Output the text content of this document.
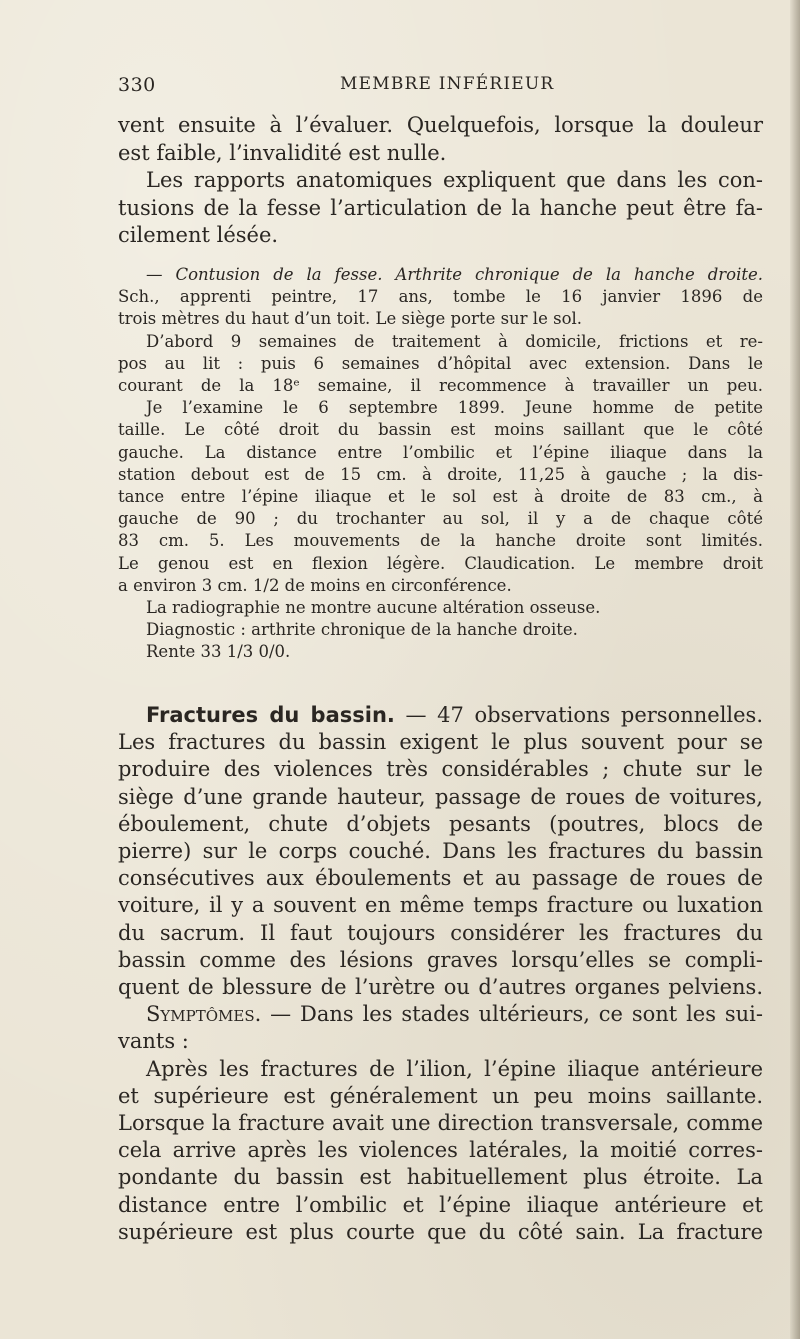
330	MEMBRE INFÉRIEUR
vent ensuite à l’évaluer. Quelquefois, lorsque la douleur
est faible, l’invalidité est nulle.
Les rapports anatomiques expliquent que dans les con-
tusions de la fesse l’articulation de la hanche peut être fa-
cilement lésée.
— Contusion de la fesse. Arthrite chronique de la hanche droite.
Sch., apprenti peintre, 17 ans, tombe le 16 janvier 1896 de
trois mètres du haut d’un toit. Le siège porte sur le sol.
D’abord 9 semaines de traitement à domicile, frictions et re-
pos au lit : puis 6 semaines d’hôpital avec extension. Dans le
courant de la 18ᵉ semaine, il recommence à travailler un peu.
Je l’examine le 6 septembre 1899. Jeune homme de petite
taille. Le côté droit du bassin est moins saillant que le côté
gauche. La distance entre l’ombilic et l’épine iliaque dans la
station debout est de 15 cm. à droite, 11,25 à gauche ; la dis-
tance entre l’épine iliaque et le sol est à droite de 83 cm., à
gauche de 90 ; du trochanter au sol, il y a de chaque côté
83 cm. 5. Les mouvements de la hanche droite sont limités.
Le genou est en flexion légère. Claudication. Le membre droit
a environ 3 cm. 1/2 de moins en circonférence.
La radiographie ne montre aucune altération osseuse.
Diagnostic : arthrite chronique de la hanche droite.
Rente 33 1/3 0/0.
Fractures du bassin. — 47 observations personnelles.
Les fractures du bassin exigent le plus souvent pour se
produire des violences très considérables ; chute sur le
siège d’une grande hauteur, passage de roues de voitures,
éboulement, chute d’objets pesants (poutres, blocs de
pierre) sur le corps couché. Dans les fractures du bassin
consécutives aux éboulements et au passage de roues de
voiture, il y a souvent en même temps fracture ou luxation
du sacrum. Il faut toujours considérer les fractures du
bassin comme des lésions graves lorsqu’elles se compli-
quent de blessure de l’urètre ou d’autres organes pelviens.
Symptômes. — Dans les stades ultérieurs, ce sont les sui-
vants :
Après les fractures de l’ilion, l’épine iliaque antérieure
et supérieure est généralement un peu moins saillante.
Lorsque la fracture avait une direction transversale, comme
cela arrive après les violences latérales, la moitié corres-
pondante du bassin est habituellement plus étroite. La
distance entre l’ombilic et l’épine iliaque antérieure et
supérieure est plus courte que du côté sain. La fracture
